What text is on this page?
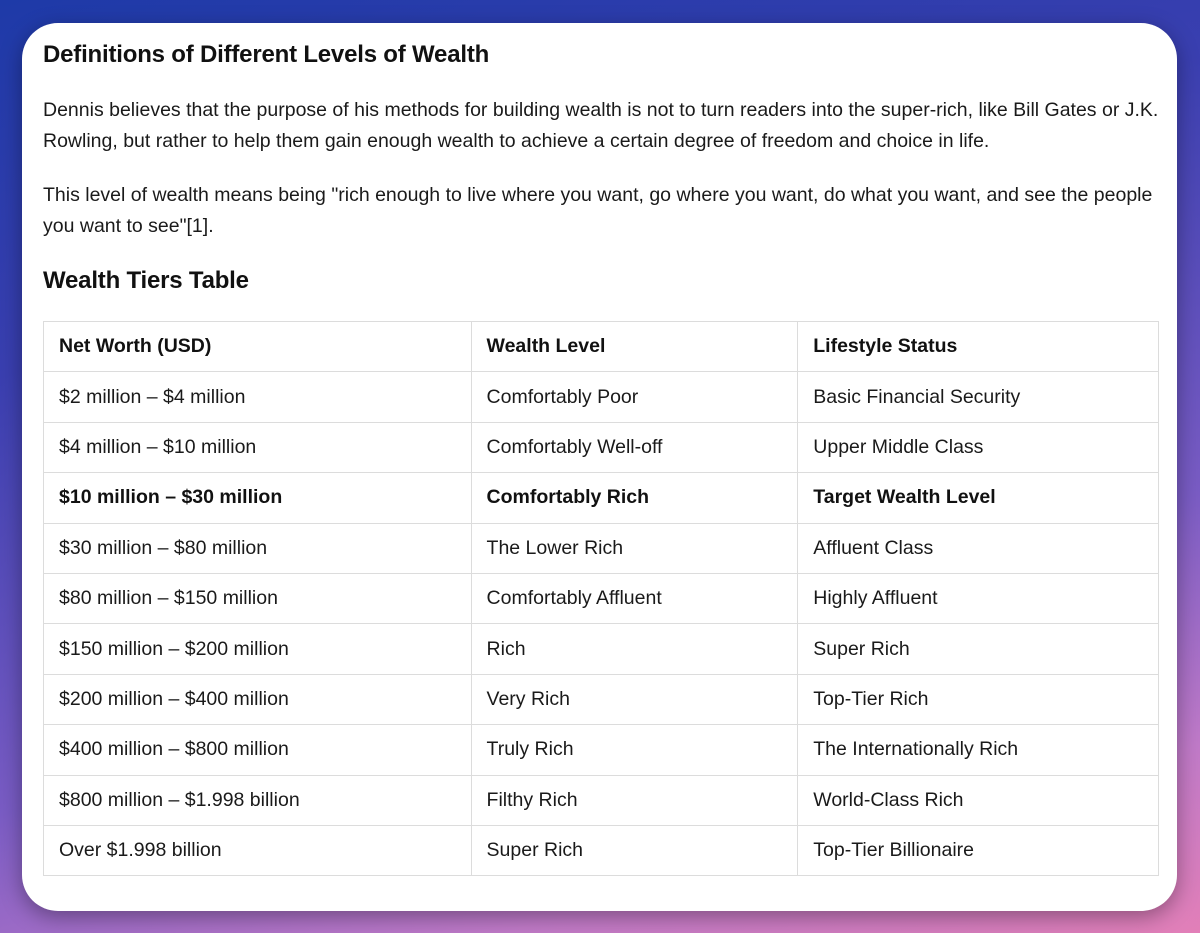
Definitions of Different Levels of Wealth

Dennis believes that the purpose of his methods for building wealth is not to turn readers into the super-rich, like Bill Gates or J.K. Rowling, but rather to help them gain enough wealth to achieve a certain degree of freedom and choice in life.

This level of wealth means being "rich enough to live where you want, go where you want, do what you want, and see the people you want to see"[1].

Wealth Tiers Table
Net Worth (USD)	Wealth Level	Lifestyle Status
$2 million – $4 million	Comfortably Poor	Basic Financial Security
$4 million – $10 million	Comfortably Well-off	Upper Middle Class
$10 million – $30 million	Comfortably Rich	Target Wealth Level
$30 million – $80 million	The Lower Rich	Affluent Class
$80 million – $150 million	Comfortably Affluent	Highly Affluent
$150 million – $200 million	Rich	Super Rich
$200 million – $400 million	Very Rich	Top-Tier Rich
$400 million – $800 million	Truly Rich	The Internationally Rich
$800 million – $1.998 billion	Filthy Rich	World-Class Rich
Over $1.998 billion	Super Rich	Top-Tier Billionaire
